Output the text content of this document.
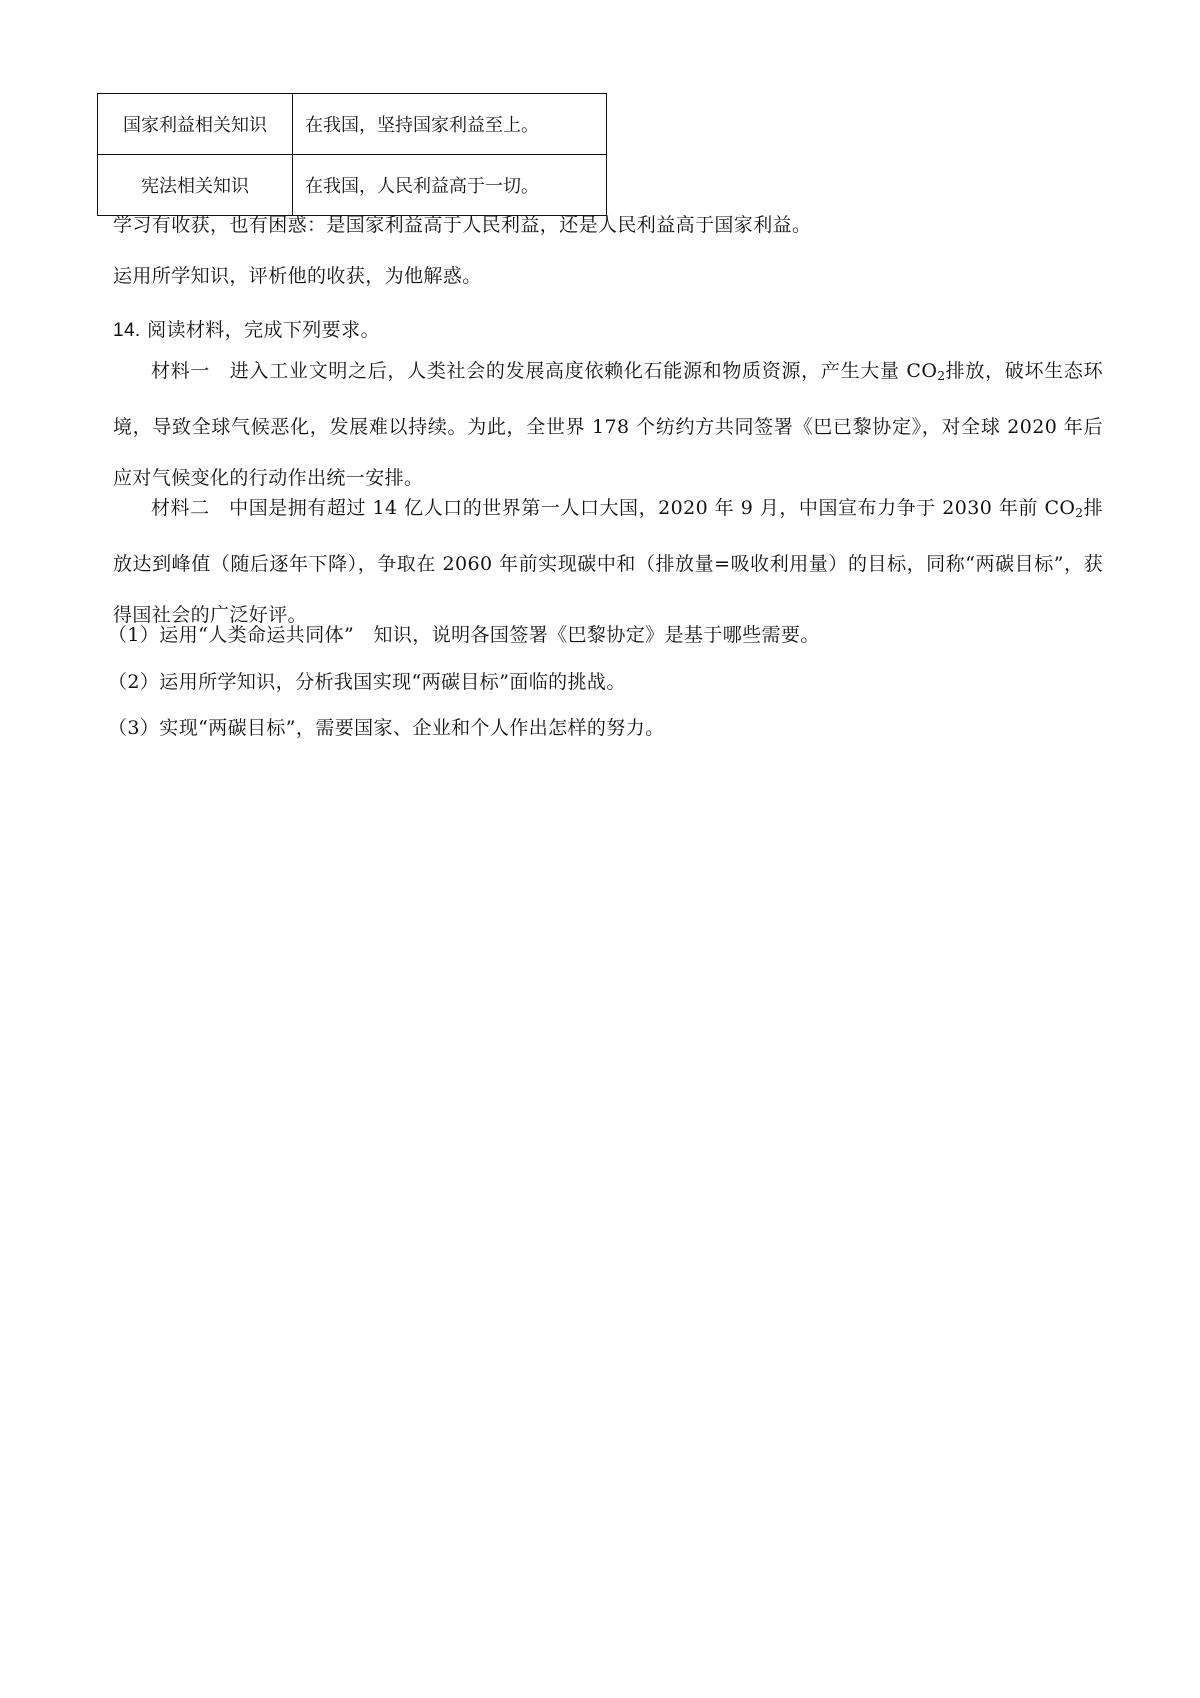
国家利益相关知识	在我国，坚持国家利益至上。
宪法相关知识	在我国，人民利益高于一切。
学习有收获，也有困惑：是国家利益高于人民利益，还是人民利益高于国家利益。
运用所学知识，评析他的收获，为他解惑。
14. 阅读材料，完成下列要求。

材料一　进入工业文明之后，人类社会的发展高度依赖化石能源和物质资源，产生大量 CO2排放，破坏生态环境，导致全球气候恶化，发展难以持续。为此，全世界 178 个纺约方共同签署《巴已黎协定》，对全球 2020 年后应对气候变化的行动作出统一安排。

材料二　中国是拥有超过 14 亿人口的世界第一人口大国，2020 年 9 月，中国宣布力争于 2030 年前 CO2排放达到峰值（随后逐年下降），争取在 2060 年前实现碳中和（排放量=吸收利用量）的目标，同称“两碳目标”，获得国社会的广泛好评。

（1）运用“人类命运共同体”　知识，说明各国签署《巴黎协定》是基于哪些需要。
（2）运用所学知识，分析我国实现“两碳目标”面临的挑战。
（3）实现“两碳目标”，需要国家、企业和个人作出怎样的努力。
